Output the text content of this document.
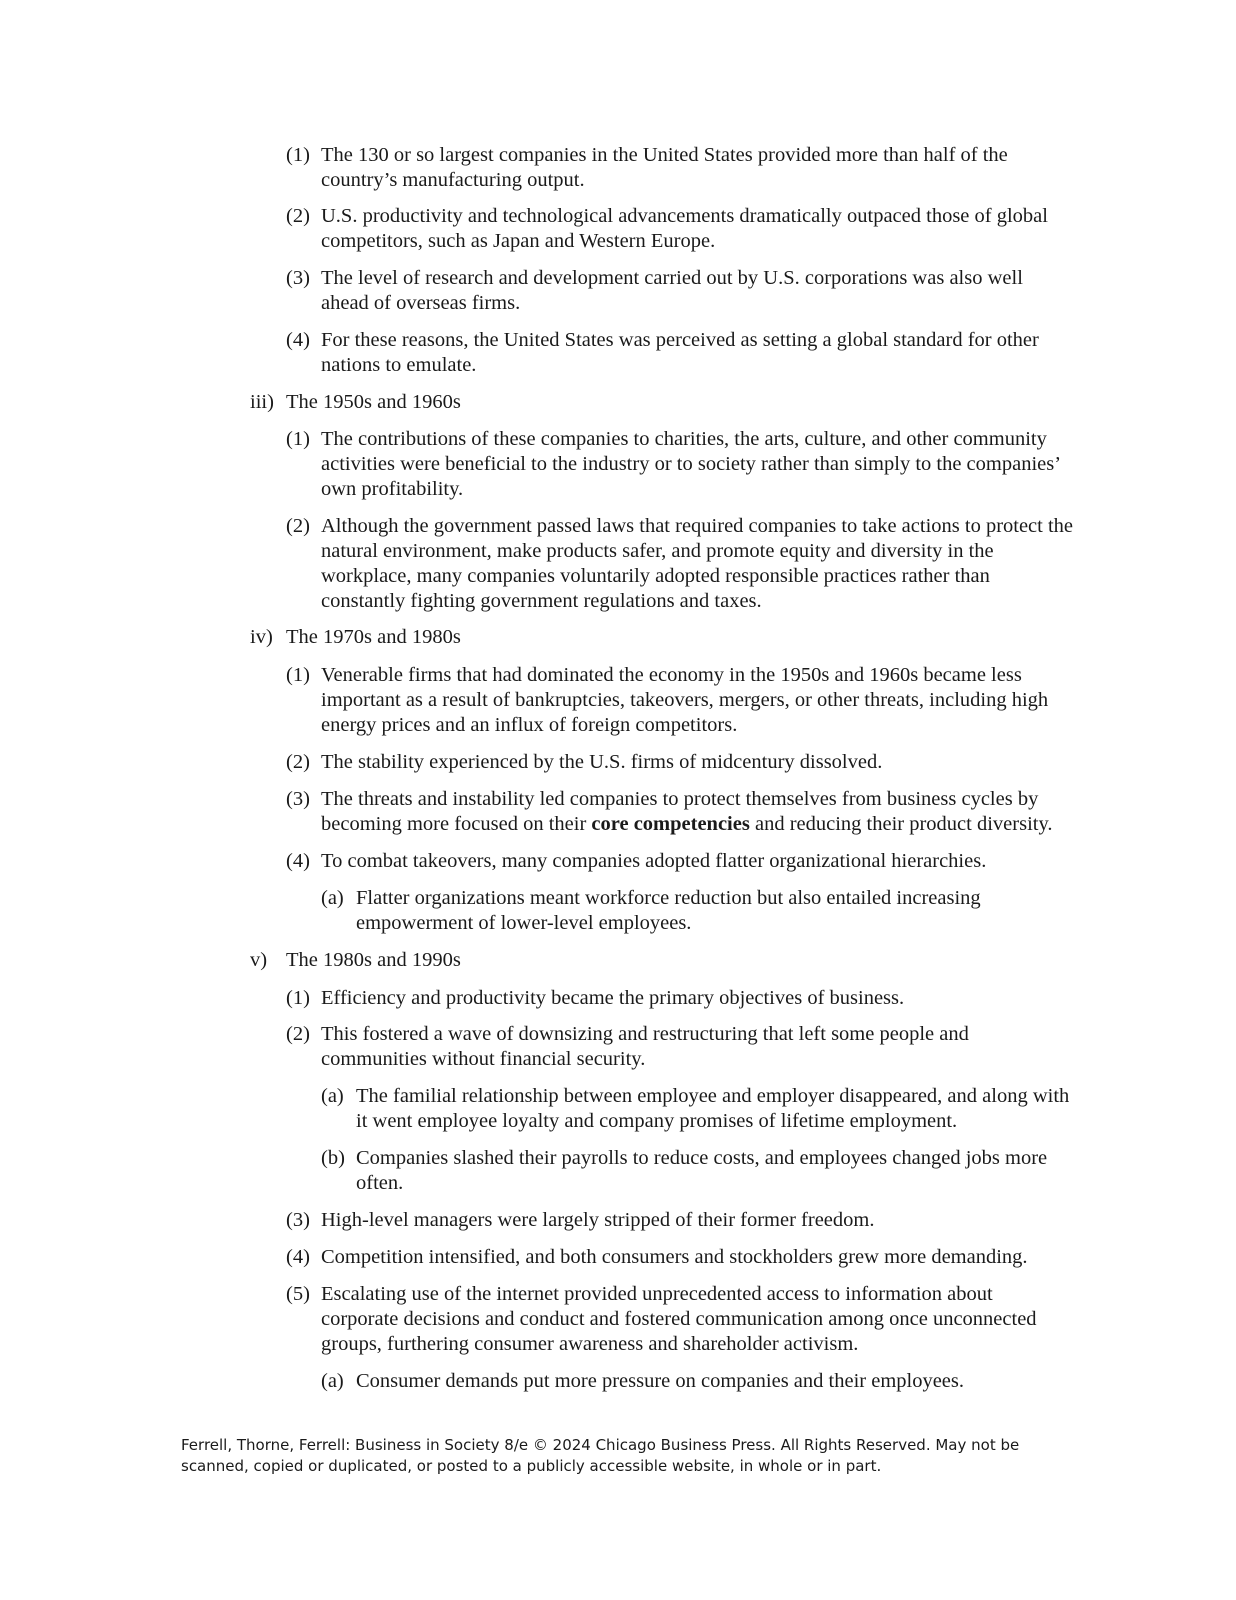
(1) The 130 or so largest companies in the United States provided more than half of the
country’s manufacturing output.
(2) U.S. productivity and technological advancements dramatically outpaced those of global
competitors, such as Japan and Western Europe.
(3) The level of research and development carried out by U.S. corporations was also well
ahead of overseas firms.
(4) For these reasons, the United States was perceived as setting a global standard for other
nations to emulate.
iii) The 1950s and 1960s
(1) The contributions of these companies to charities, the arts, culture, and other community
activities were beneficial to the industry or to society rather than simply to the companies’
own profitability.
(2) Although the government passed laws that required companies to take actions to protect the
natural environment, make products safer, and promote equity and diversity in the
workplace, many companies voluntarily adopted responsible practices rather than
constantly fighting government regulations and taxes.
iv) The 1970s and 1980s
(1) Venerable firms that had dominated the economy in the 1950s and 1960s became less
important as a result of bankruptcies, takeovers, mergers, or other threats, including high
energy prices and an influx of foreign competitors.
(2) The stability experienced by the U.S. firms of midcentury dissolved.
(3) The threats and instability led companies to protect themselves from business cycles by
becoming more focused on their core competencies and reducing their product diversity.
(4) To combat takeovers, many companies adopted flatter organizational hierarchies.
(a) Flatter organizations meant workforce reduction but also entailed increasing
empowerment of lower-level employees.
v) The 1980s and 1990s
(1) Efficiency and productivity became the primary objectives of business.
(2) This fostered a wave of downsizing and restructuring that left some people and
communities without financial security.
(a) The familial relationship between employee and employer disappeared, and along with
it went employee loyalty and company promises of lifetime employment.
(b) Companies slashed their payrolls to reduce costs, and employees changed jobs more
often.
(3) High-level managers were largely stripped of their former freedom.
(4) Competition intensified, and both consumers and stockholders grew more demanding.
(5) Escalating use of the internet provided unprecedented access to information about
corporate decisions and conduct and fostered communication among once unconnected
groups, furthering consumer awareness and shareholder activism.
(a) Consumer demands put more pressure on companies and their employees.
Ferrell, Thorne, Ferrell: Business in Society 8/e © 2024 Chicago Business Press. All Rights Reserved. May not be
scanned, copied or duplicated, or posted to a publicly accessible website, in whole or in part.
